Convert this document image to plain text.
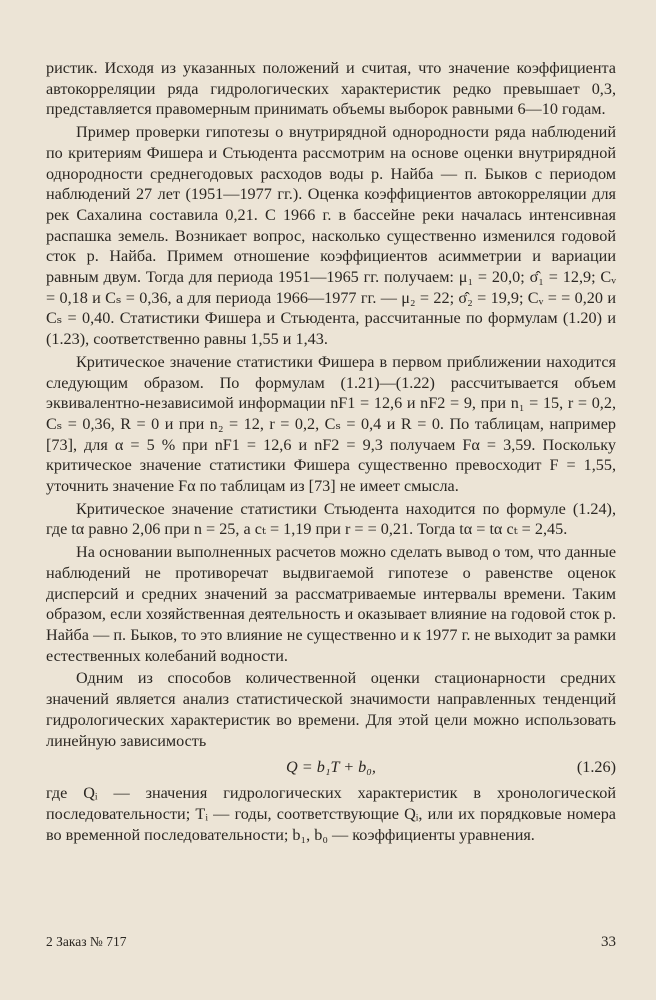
ристик. Исходя из указанных положений и считая, что значение коэффициента автокорреляции ряда гидрологических характеристик редко превышает 0,3, представляется правомерным принимать объемы выборок равными 6—10 годам.

Пример проверки гипотезы о внутрирядной однородности ряда наблюдений по критериям Фишера и Стьюдента рассмотрим на основе оценки внутрирядной однородности среднегодовых расходов воды р. Найба — п. Быков с периодом наблюдений 27 лет (1951—1977 гг.). Оценка коэффициентов автокорреляции для рек Сахалина составила 0,21. С 1966 г. в бассейне реки началась интенсивная распашка земель. Возникает вопрос, насколько существенно изменился годовой сток р. Найба. Примем отношение коэффициентов асимметрии и вариации равным двум. Тогда для периода 1951—1965 гг. получаем: μ₁ = 20,0; σ̂₁ = 12,9; Cᵥ = 0,18 и Cₛ = 0,36, а для периода 1966—1977 гг. — μ₂ = 22; σ̂₂ = 19,9; Cᵥ = = 0,20 и Cₛ = 0,40. Статистики Фишера и Стьюдента, рассчитанные по формулам (1.20) и (1.23), соответственно равны 1,55 и 1,43.

Критическое значение статистики Фишера в первом приближении находится следующим образом. По формулам (1.21)—(1.22) рассчитывается объем эквивалентно-независимой информации nF1 = 12,6 и nF2 = 9, при n₁ = 15, r = 0,2, Cₛ = 0,36, R = 0 и при n₂ = 12, r = 0,2, Cₛ = 0,4 и R = 0. По таблицам, например [73], для α = 5 % при nF1 = 12,6 и nF2 = 9,3 получаем Fα = 3,59. Поскольку критическое значение статистики Фишера существенно превосходит F = 1,55, уточнить значение Fα по таблицам из [73] не имеет смысла.

Критическое значение статистики Стьюдента находится по формуле (1.24), где tα равно 2,06 при n = 25, а cₜ = 1,19 при r = = 0,21. Тогда tα = tα cₜ = 2,45.

На основании выполненных расчетов можно сделать вывод о том, что данные наблюдений не противоречат выдвигаемой гипотезе о равенстве оценок дисперсий и средних значений за рассматриваемые интервалы времени. Таким образом, если хозяйственная деятельность и оказывает влияние на годовой сток р. Найба — п. Быков, то это влияние не существенно и к 1977 г. не выходит за рамки естественных колебаний водности.

Одним из способов количественной оценки стационарности средних значений является анализ статистической значимости направленных тенденций гидрологических характеристик во времени. Для этой цели можно использовать линейную зависимость

Q = b₁T + b₀,	(1.26)

где Qᵢ — значения гидрологических характеристик в хронологической последовательности; Tᵢ — годы, соответствующие Qᵢ, или их порядковые номера во временной последовательности; b₁, b₀ — коэффициенты уравнения.

2 Заказ № 717	33
